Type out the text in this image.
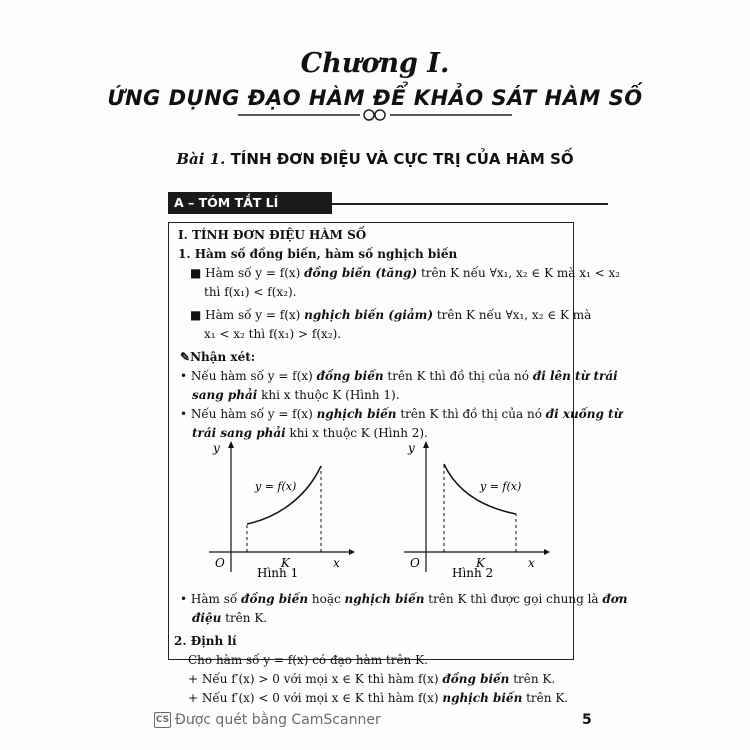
Chương I.
ỨNG DỤNG ĐẠO HÀM ĐỂ KHẢO SÁT HÀM SỐ
Bài 1. TÍNH ĐƠN ĐIỆU VÀ CỰC TRỊ CỦA HÀM SỐ
A – TÓM TẮT LÍ THUYẾT
I. TÍNH ĐƠN ĐIỆU HÀM SỐ
1. Hàm số đồng biến, hàm số nghịch biến
■ Hàm số y = f(x) đồng biến (tăng) trên K nếu ∀x₁, x₂ ∈ K mà x₁ < x₂
thì f(x₁) < f(x₂).
■ Hàm số y = f(x) nghịch biến (giảm) trên K nếu ∀x₁, x₂ ∈ K mà
x₁ < x₂ thì f(x₁) > f(x₂).
✎Nhận xét:
• Nếu hàm số y = f(x) đồng biến trên K thì đồ thị của nó đi lên từ trái
sang phải khi x thuộc K (Hình 1).
• Nếu hàm số y = f(x) nghịch biến trên K thì đồ thị của nó đi xuống từ
trái sang phải khi x thuộc K (Hình 2).
y
O	K	x
y = f(x)
Hình 1
y
O	K	x
y = f(x)
Hình 2
• Hàm số đồng biến hoặc nghịch biến trên K thì được gọi chung là đơn
điệu trên K.
2. Định lí
Cho hàm số y = f(x) có đạo hàm trên K.
+ Nếu f′(x) > 0 với mọi x ∈ K thì hàm f(x) đồng biến trên K.
+ Nếu f′(x) < 0 với mọi x ∈ K thì hàm f(x) nghịch biến trên K.
CS Được quét bằng CamScanner	5
